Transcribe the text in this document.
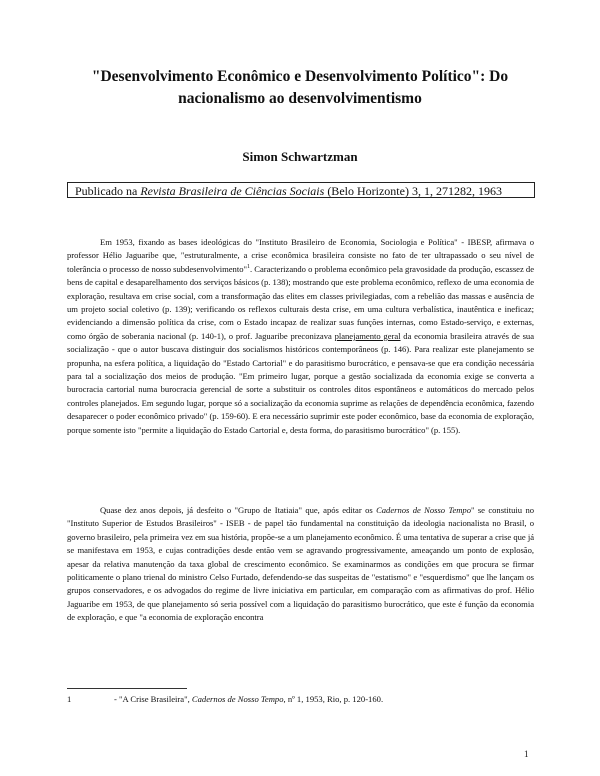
"Desenvolvimento Econômico e Desenvolvimento Político": Do nacionalismo ao desenvolvimentismo
Simon Schwartzman
Publicado na Revista Brasileira de Ciências Sociais (Belo Horizonte) 3, 1, 271282, 1963
Em 1953, fixando as bases ideológicas do "Instituto Brasileiro de Economia, Sociologia e Política" - IBESP, afirmava o professor Hélio Jaguaribe que, "estruturalmente, a crise econômica brasileira consiste no fato de ter ultrapassado o seu nível de tolerância o processo de nosso subdesenvolvimento"$^1$. Caracterizando o problema econômico pela gravosidade da produção, escassez de bens de capital e desaparelhamento dos serviços básicos (p. 138); mostrando que este problema econômico, reflexo de uma economia de exploração, resultava em crise social, com a transformação das elites em classes privilegiadas, com a rebelião das massas e ausência de um projeto social coletivo (p. 139); verificando os reflexos culturais desta crise, em uma cultura verbalística, inautêntica e ineficaz; evidenciando a dimensão política da crise, com o Estado incapaz de realizar suas funções internas, como Estado-serviço, e externas, como órgão de soberania nacional (p. 140-1), o prof. Jaguaribe preconizava planejamento geral da economia brasileira através de sua socialização - que o autor buscava distinguir dos socialismos históricos contemporâneos (p. 146). Para realizar este planejamento se propunha, na esfera política, a liquidação do "Estado Cartorial" e do parasitismo burocrático, e pensava-se que era condição necessária para tal a socialização dos meios de produção. "Em primeiro lugar, porque a gestão socializada da economia exige se converta a burocracia cartorial numa burocracia gerencial de sorte a substituir os controles ditos espontâneos e automáticos do mercado pelos controles planejados. Em segundo lugar, porque só a socialização da economia suprime as relações de dependência econômica, fazendo desaparecer o poder econômico privado" (p. 159-60). E era necessário suprimir este poder econômico, base da economia de exploração, porque somente isto "permite a liquidação do Estado Cartorial e, desta forma, do parasitismo burocrático" (p. 155).
Quase dez anos depois, já desfeito o "Grupo de Itatiaia" que, após editar os Cadernos de Nosso Tempo" se constituiu no "Instituto Superior de Estudos Brasileiros" - ISEB - de papel tão fundamental na constituição da ideologia nacionalista no Brasil, o governo brasileiro, pela primeira vez em sua história, propõe-se a um planejamento econômico. É uma tentativa de superar a crise que já se manifestava em 1953, e cujas contradições desde então vem se agravando progressivamente, ameaçando um ponto de explosão, apesar da relativa manutenção da taxa global de crescimento econômico. Se examinarmos as condições em que procura se firmar politicamente o plano trienal do ministro Celso Furtado, defendendo-se das suspeitas de "estatismo" e "esquerdismo" que lhe lançam os grupos conservadores, e os advogados do regime de livre iniciativa em particular, em comparação com as afirmativas do prof. Hélio Jaguaribe em 1953, de que planejamento só seria possível com a liquidação do parasitismo burocrático, que este é função da economia de exploração, e que "a economia de exploração encontra
1	- "A Crise Brasileira", Cadernos de Nosso Tempo, nº 1, 1953, Rio, p. 120-160.
1
